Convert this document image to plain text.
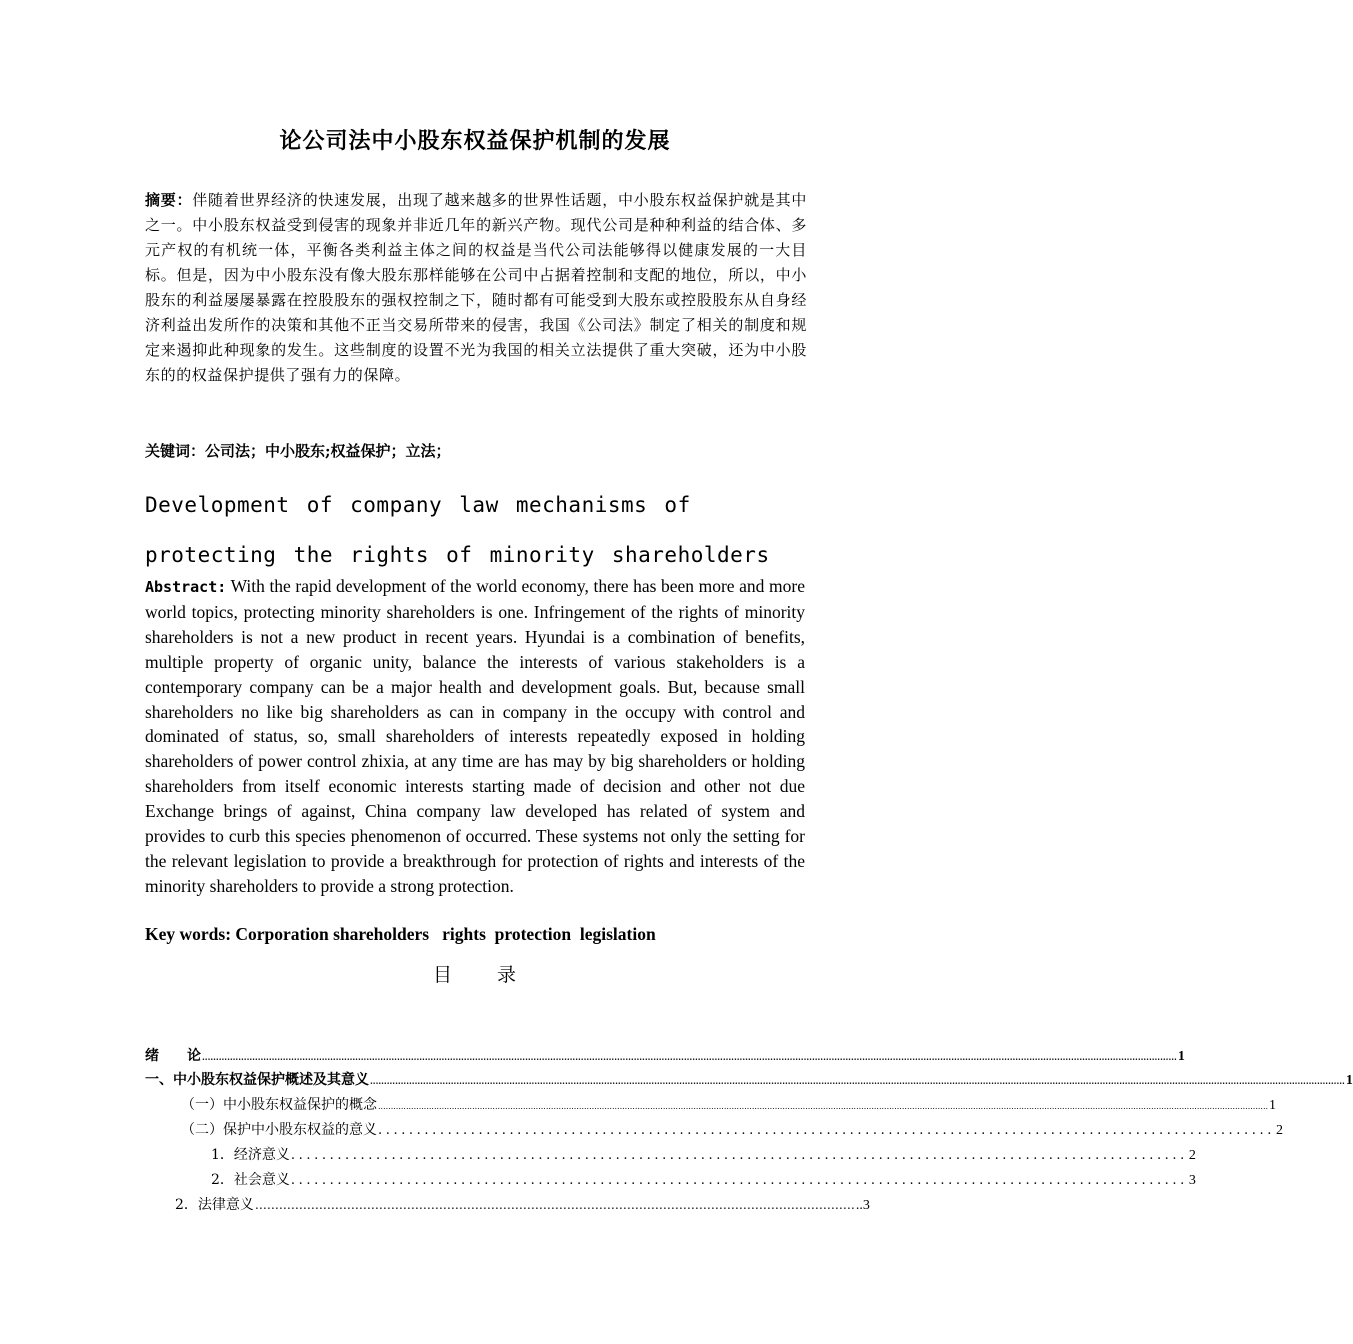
论公司法中小股东权益保护机制的发展
摘要：伴随着世界经济的快速发展，出现了越来越多的世界性话题，中小股东权益保护就是其中之一。中小股东权益受到侵害的现象并非近几年的新兴产物。现代公司是种种利益的结合体、多元产权的有机统一体，平衡各类利益主体之间的权益是当代公司法能够得以健康发展的一大目标。但是，因为中小股东没有像大股东那样能够在公司中占据着控制和支配的地位，所以，中小股东的利益屡屡暴露在控股股东的强权控制之下，随时都有可能受到大股东或控股股东从自身经济利益出发所作的决策和其他不正当交易所带来的侵害，我国《公司法》制定了相关的制度和规定来遏抑此种现象的发生。这些制度的设置不光为我国的相关立法提供了重大突破，还为中小股东的的权益保护提供了强有力的保障。
关键词：公司法；中小股东;权益保护；立法；
Development of company law mechanisms of protecting the rights of minority shareholders
Abstract: With the rapid development of the world economy, there has been more and more world topics, protecting minority shareholders is one. Infringement of the rights of minority shareholders is not a new product in recent years. Hyundai is a combination of benefits, multiple property of organic unity, balance the interests of various stakeholders is a contemporary company can be a major health and development goals. But, because small shareholders no like big shareholders as can in company in the occupy with control and dominated of status, so, small shareholders of interests repeatedly exposed in holding shareholders of power control zhixia, at any time are has may by big shareholders or holding shareholders from itself economic interests starting made of decision and other not due Exchange brings of against, China company law developed has related of system and provides to curb this species phenomenon of occurred. These systems not only the setting for the relevant legislation to provide a breakthrough for protection of rights and interests of the minority shareholders to provide a strong protection.
Key words: Corporation shareholders   rights  protection  legislation
目 录
绪　　论 .............................................................................................................................................................................................................................................................................................................................................................. 1
一、中小股东权益保护概述及其意义 .............................................................................................................................................................................................................................................................................................................................................................. 1
（一）中小股东权益保护的概念 .............................................................................................................................................................................................................................................................................................................................................................. 1
（二）保护中小股东权益的意义 .................................................................................................................... 2
1．经济意义 .................................................................................................................... 2
2．社会意义 .................................................................................................................... 3
2．法律意义 …………………………………………………………………………………………………………………………………… ..3
